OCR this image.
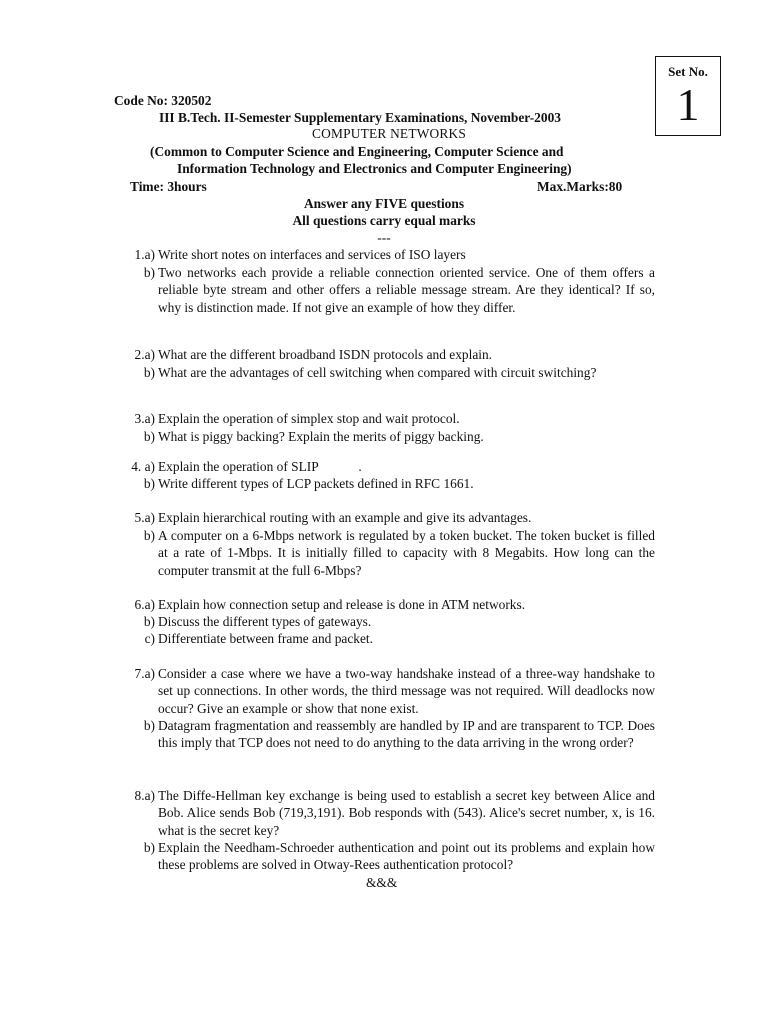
Set No.
1
Code No: 320502
III B.Tech. II-Semester Supplementary Examinations, November-2003
COMPUTER NETWORKS
(Common to Computer Science and Engineering, Computer Science and
Information Technology and Electronics and Computer Engineering)
Time: 3hours	Max.Marks:80
Answer any FIVE questions
All questions carry equal marks
---
1.a) Write short notes on interfaces and services of ISO layers
b) Two networks each provide a reliable connection oriented service. One of them offers a reliable byte stream and other offers a reliable message stream. Are they identical? If so, why is distinction made. If not give an example of how they differ.
2.a) What are the different broadband ISDN protocols and explain.
b) What are the advantages of cell switching when compared with circuit switching?
3.a) Explain the operation of simplex stop and wait protocol.
b) What is piggy backing? Explain the merits of piggy backing.
4. a) Explain the operation of SLIP            .
b) Write different types of LCP packets defined in RFC 1661.
5.a) Explain hierarchical routing with an example and give its advantages.
b) A computer on a 6-Mbps network is regulated by a token bucket. The token bucket is filled at a rate of 1-Mbps. It is initially filled to capacity with 8 Megabits. How long can the computer transmit at the full 6-Mbps?
6.a) Explain how connection setup and release is done in ATM networks.
b) Discuss the different types of gateways.
c) Differentiate between frame and packet.
7.a) Consider a case where we have a two-way handshake instead of a three-way handshake to set up connections. In other words, the third message was not required. Will deadlocks now occur? Give an example or show that none exist.
b) Datagram fragmentation and reassembly are handled by IP and are transparent to TCP. Does this imply that TCP does not need to do anything to the data arriving in the wrong order?
8.a) The Diffe-Hellman key exchange is being used to establish a secret key between Alice and Bob. Alice sends Bob (719,3,191). Bob responds with (543). Alice's secret number, x, is 16. what is the secret key?
b) Explain the Needham-Schroeder authentication and point out its problems and explain how these problems are solved in Otway-Rees authentication protocol?
&&&
